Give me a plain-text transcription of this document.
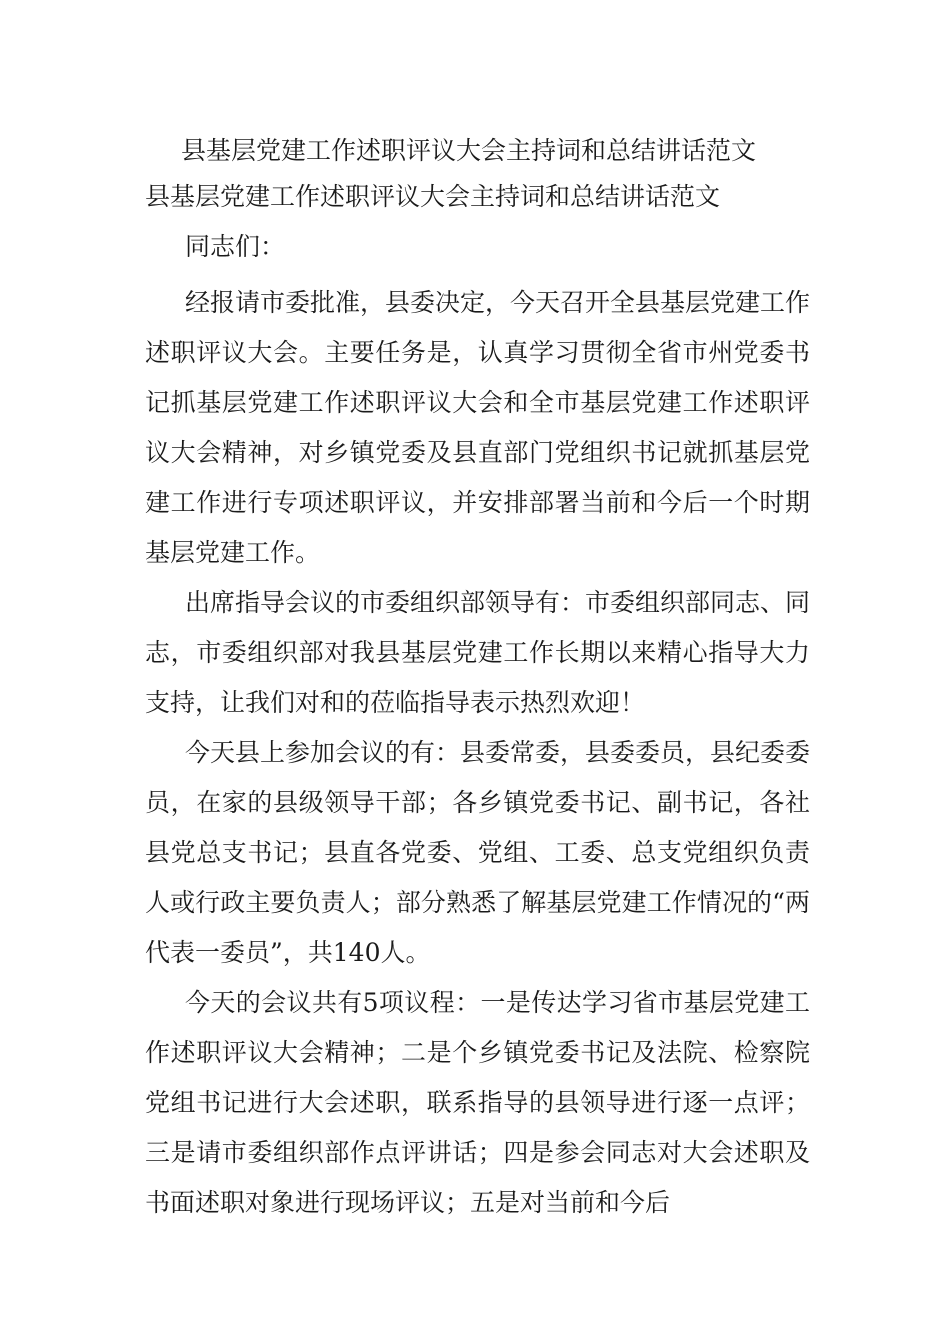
县基层党建工作述职评议大会主持词和总结讲话范文
县基层党建工作述职评议大会主持词和总结讲话范文

同志们：

经报请市委批准，县委决定，今天召开全县基层党建工作述职评议大会。主要任务是，认真学习贯彻全省市州党委书记抓基层党建工作述职评议大会和全市基层党建工作述职评议大会精神，对乡镇党委及县直部门党组织书记就抓基层党建工作进行专项述职评议，并安排部署当前和今后一个时期基层党建工作。

出席指导会议的市委组织部领导有：市委组织部同志、同志，市委组织部对我县基层党建工作长期以来精心指导大力支持，让我们对和的莅临指导表示热烈欢迎！

今天县上参加会议的有：县委常委，县委委员，县纪委委员，在家的县级领导干部；各乡镇党委书记、副书记，各社县党总支书记；县直各党委、党组、工委、总支党组织负责人或行政主要负责人；部分熟悉了解基层党建工作情况的“两代表一委员”，共140人。

今天的会议共有5项议程：一是传达学习省市基层党建工作述职评议大会精神；二是个乡镇党委书记及法院、检察院党组书记进行大会述职，联系指导的县领导进行逐一点评；三是请市委组织部作点评讲话；四是参会同志对大会述职及书面述职对象进行现场评议；五是对当前和今后
